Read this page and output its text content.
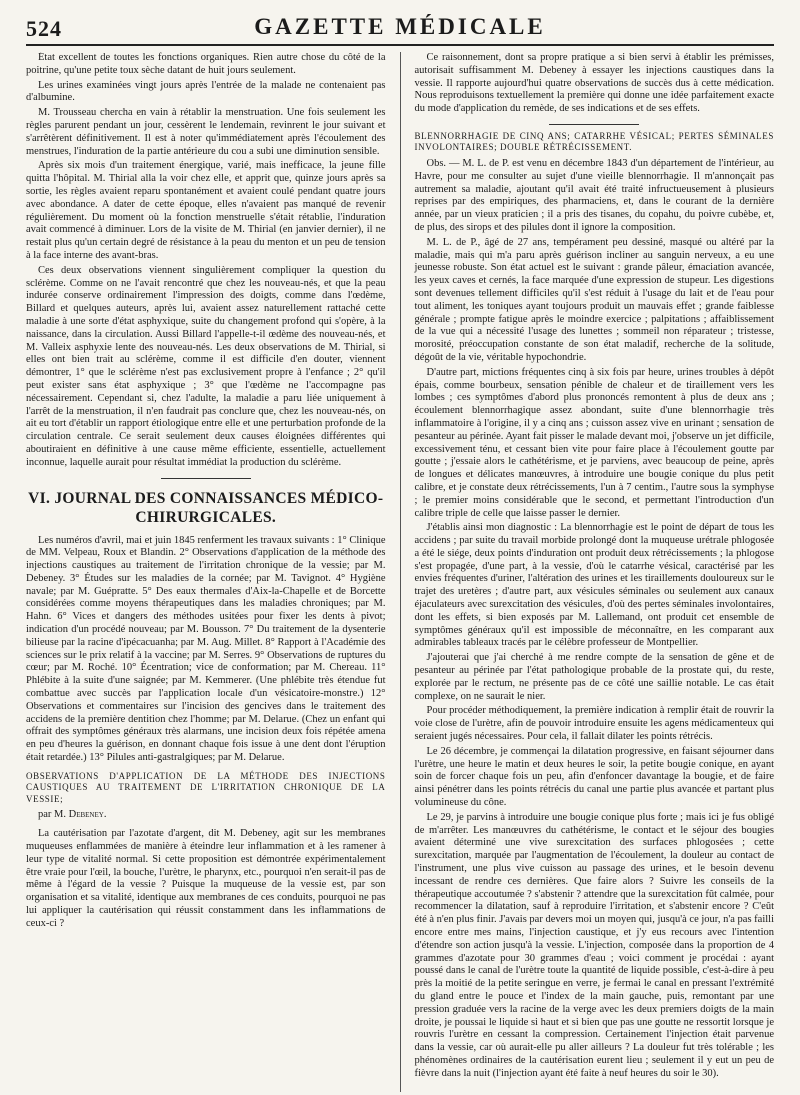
524	GAZETTE MÉDICALE

État excellent de toutes les fonctions organiques. Rien autre chose du côté de la poitrine, qu'une petite toux sèche datant de huit jours seulement.

Les urines examinées vingt jours après l'entrée de la malade ne contenaient pas d'albumine.

M. Trousseau chercha en vain à rétablir la menstruation. Une fois seulement les règles parurent pendant un jour, cessèrent le lendemain, revinrent le jour suivant et s'arrêtèrent définitivement. Il est à noter qu'immédiatement après l'écoulement des menstrues, l'induration de la partie antérieure du cou a subi une diminution sensible.

Après six mois d'un traitement énergique, varié, mais inefficace, la jeune fille quitta l'hôpital. M. Thirial alla la voir chez elle, et apprit que, quinze jours après sa sortie, les règles avaient reparu spontanément et avaient coulé pendant quatre jours avec abondance. A dater de cette époque, elles n'avaient pas manqué de revenir régulièrement. Du moment où la fonction menstruelle s'était rétablie, l'induration avait commencé à diminuer. Lors de la visite de M. Thirial (en janvier dernier), il ne restait plus qu'un certain degré de résistance à la peau du menton et un peu de tension à la face interne des avant-bras.

Ces deux observations viennent singulièrement compliquer la question du sclérème. Comme on ne l'avait rencontré que chez les nouveau-nés, et que la peau indurée conserve ordinairement l'impression des doigts, comme dans l'œdème, Billard et quelques auteurs, après lui, avaient assez naturellement rattaché cette maladie à une sorte d'état asphyxique, suite du changement profond qui s'opère, à la naissance, dans la circulation. Aussi Billard l'appelle-t-il œdème des nouveau-nés, et M. Valleix asphyxie lente des nouveau-nés. Les deux observations de M. Thirial, si elles ont bien trait au sclérème, comme il est difficile d'en douter, viennent démontrer, 1° que le sclérème n'est pas exclusivement propre à l'enfance ; 2° qu'il peut exister sans état asphyxique ; 3° que l'œdème ne l'accompagne pas nécessairement. Cependant si, chez l'adulte, la maladie a paru liée uniquement à l'arrêt de la menstruation, il n'en faudrait pas conclure que, chez les nouveau-nés, on ait eu tort d'établir un rapport étiologique entre elle et une perturbation profonde de la circulation centrale. Ce serait seulement deux causes éloignées différentes qui aboutiraient en définitive à une cause même efficiente, essentielle, actuellement inconnue, laquelle aurait pour résultat immédiat la production du sclérème.

VI. JOURNAL DES CONNAISSANCES MÉDICO-CHIRURGICALES.

Les numéros d'avril, mai et juin 1845 renferment les travaux suivants : 1° Clinique de MM. Velpeau, Roux et Blandin. 2° Observations d'application de la méthode des injections caustiques au traitement de l'irritation chronique de la vessie; par M. Debeney. 3° Études sur les maladies de la cornée; par M. Tavignot. 4° Hygiène navale; par M. Guépratte. 5° Des eaux thermales d'Aix-la-Chapelle et de Borcette considérées comme moyens thérapeutiques dans les maladies chroniques; par M. Hahn. 6° Vices et dangers des méthodes usitées pour fixer les dents à pivot; indication d'un procédé nouveau; par M. Bousson. 7° Du traitement de la dysenterie bilieuse par la racine d'ipécacuanha; par M. Aug. Millet. 8° Rapport à l'Académie des sciences sur le prix relatif à la vaccine; par M. Serres. 9° Observations de ruptures du cœur; par M. Roché. 10° Écentration; vice de conformation; par M. Chereau. 11° Phlébite à la suite d'une saignée; par M. Kemmerer. (Une phlébite très étendue fut combattue avec succès par l'application locale d'un vésicatoire-monstre.) 12° Observations et commentaires sur l'incision des gencives dans le traitement des accidens de la première dentition chez l'homme; par M. Delarue. (Chez un enfant qui offrait des symptômes généraux très alarmans, une incision deux fois répétée amena en peu d'heures la guérison, en donnant chaque fois issue à une dent dont l'éruption était retardée.) 13° Pilules anti-gastralgiques; par M. Delarue.

OBSERVATIONS D'APPLICATION DE LA MÉTHODE DES INJECTIONS CAUSTIQUES AU TRAITEMENT DE L'IRRITATION CHRONIQUE DE LA VESSIE;

par M. Debeney.

La cautérisation par l'azotate d'argent, dit M. Debeney, agit sur les membranes muqueuses enflammées de manière à éteindre leur inflammation et à les ramener à leur type de vitalité normal. Si cette proposition est démontrée expérimentalement être vraie pour l'œil, la bouche, l'urètre, le pharynx, etc., pourquoi n'en serait-il pas de même à l'égard de la vessie ? Puisque la muqueuse de la vessie est, par son organisation et sa vitalité, identique aux membranes de ces conduits, pourquoi ne pas lui appliquer la cautérisation qui réussit constamment dans les inflammations de ceux-ci ?

Ce raisonnement, dont sa propre pratique a si bien servi à établir les prémisses, autorisait suffisamment M. Debeney à essayer les injections caustiques dans la vessie. Il rapporte aujourd'hui quatre observations de succès dus à cette médication. Nous reproduisons textuellement la première qui donne une idée parfaitement exacte du mode d'application du remède, de ses indications et de ses effets.

BLENNORRHAGIE DE CINQ ANS; CATARRHE VÉSICAL; PERTES SÉMINALES INVOLONTAIRES; DOUBLE RÉTRÉCISSEMENT.

Obs. — M. L. de P. est venu en décembre 1843 d'un département de l'intérieur, au Havre, pour me consulter au sujet d'une vieille blennorrhagie. Il m'annonçait pas autrement sa maladie, ajoutant qu'il avait été traité infructueusement à plusieurs reprises par des empiriques, des pharmaciens, et, dans le courant de la dernière année, par un vieux praticien ; il a pris des tisanes, du copahu, du poivre cubèbe, et, de plus, des sirops et des pilules dont il ignore la composition.

M. L. de P., âgé de 27 ans, tempérament peu dessiné, masqué ou altéré par la maladie, mais qui m'a paru après guérison incliner au sanguin nerveux, a eu une jeunesse robuste. Son état actuel est le suivant : grande pâleur, émaciation avancée, les yeux caves et cernés, la face marquée d'une expression de stupeur. Les digestions sont devenues tellement difficiles qu'il s'est réduit à l'usage du lait et de l'eau pour tout aliment, les toniques ayant toujours produit un mauvais effet ; grande faiblesse générale ; prompte fatigue après le moindre exercice ; palpitations ; affaiblissement de la vue qui a nécessité l'usage des lunettes ; sommeil non réparateur ; tristesse, morosité, préoccupation constante de son état maladif, recherche de la solitude, dégoût de la vie, véritable hypochondrie.

D'autre part, mictions fréquentes cinq à six fois par heure, urines troubles à dépôt épais, comme bourbeux, sensation pénible de chaleur et de tiraillement vers les lombes ; ces symptômes d'abord plus prononcés remontent à plus de deux ans ; écoulement blennorrhagique assez abondant, suite d'une blennorrhagie très inflammatoire à l'origine, il y a cinq ans ; cuisson assez vive en urinant ; sensation de pesanteur au périnée. Ayant fait pisser le malade devant moi, j'observe un jet difficile, excessivement ténu, et cessant bien vite pour faire place à l'écoulement goutte par goutte ; j'essaie alors le cathétérisme, et je parviens, avec beaucoup de peine, après de longues et délicates manœuvres, à introduire une bougie conique du plus petit calibre, et je constate deux rétrécissements, l'un à 7 centim., l'autre sous la symphyse ; le premier moins considérable que le second, et permettant l'introduction d'un calibre triple de celle que laisse passer le dernier.

J'établis ainsi mon diagnostic : La blennorrhagie est le point de départ de tous les accidens ; par suite du travail morbide prolongé dont la muqueuse urétrale phlogosée a été le siége, deux points d'induration ont produit deux rétrécissements ; la phlogose s'est propagée, d'une part, à la vessie, d'où le catarrhe vésical, caractérisé par les envies fréquentes d'uriner, l'altération des urines et les tiraillements douloureux sur le trajet des uretères ; d'autre part, aux vésicules séminales ou seulement aux canaux éjaculateurs avec surexcitation des vésicules, d'où des pertes séminales involontaires, dont les effets, si bien exposés par M. Lallemand, ont produit cet ensemble de symptômes généraux qu'il est impossible de méconnaître, en les comparant aux admirables tableaux tracés par le célèbre professeur de Montpellier.

J'ajouterai que j'ai cherché à me rendre compte de la sensation de gêne et de pesanteur au périnée par l'état pathologique probable de la prostate qui, du reste, explorée par le rectum, ne présente pas de ce côté une saillie notable. Le cas était complexe, on ne saurait le nier.

Pour procéder méthodiquement, la première indication à remplir était de rouvrir la voie close de l'urètre, afin de pouvoir introduire ensuite les agens médicamenteux qui seraient jugés nécessaires. Pour cela, il fallait dilater les points rétrécis.

Le 26 décembre, je commençai la dilatation progressive, en faisant séjourner dans l'urètre, une heure le matin et deux heures le soir, la petite bougie conique, en ayant soin de forcer chaque fois un peu, afin d'enfoncer davantage la bougie, et de faire ainsi pénétrer dans les points rétrécis du canal une partie plus avancée et partant plus volumineuse du cône.

Le 29, je parvins à introduire une bougie conique plus forte ; mais ici je fus obligé de m'arrêter. Les manœuvres du cathétérisme, le contact et le séjour des bougies avaient déterminé une vive surexcitation des surfaces phlogosées ; cette surexcitation, marquée par l'augmentation de l'écoulement, la douleur au contact de l'instrument, une plus vive cuisson au passage des urines, et le besoin devenu incessant de rendre ces dernières. Que faire alors ? Suivre les conseils de la thérapeutique accoutumée ? s'abstenir ? attendre que la surexcitation fût calmée, pour recommencer la dilatation, sauf à reproduire l'irritation, et s'abstenir encore ? C'eût été à n'en plus finir. J'avais par devers moi un moyen qui, jusqu'à ce jour, n'a pas failli encore entre mes mains, l'injection caustique, et j'y eus recours avec l'intention d'étendre son action jusqu'à la vessie. L'injection, composée dans la proportion de 4 grammes d'azotate pour 30 grammes d'eau ; voici comment je procédai : ayant poussé dans le canal de l'urètre toute la quantité de liquide possible, c'est-à-dire à peu près la moitié de la petite seringue en verre, je fermai le canal en pressant l'extrémité du gland entre le pouce et l'index de la main gauche, puis, remontant par une pression graduée vers la racine de la verge avec les deux premiers doigts de la main droite, je poussai le liquide si haut et si bien que pas une goutte ne ressortit lorsque je rouvris l'urètre en cessant la compression. Certainement l'injection était parvenue dans la vessie, car où aurait-elle pu aller ailleurs ? La douleur fut très tolérable ; les phénomènes ordinaires de la cautérisation eurent lieu ; seulement il y eut un peu de fièvre dans la nuit (l'injection ayant été faite à neuf heures du soir le 30).
